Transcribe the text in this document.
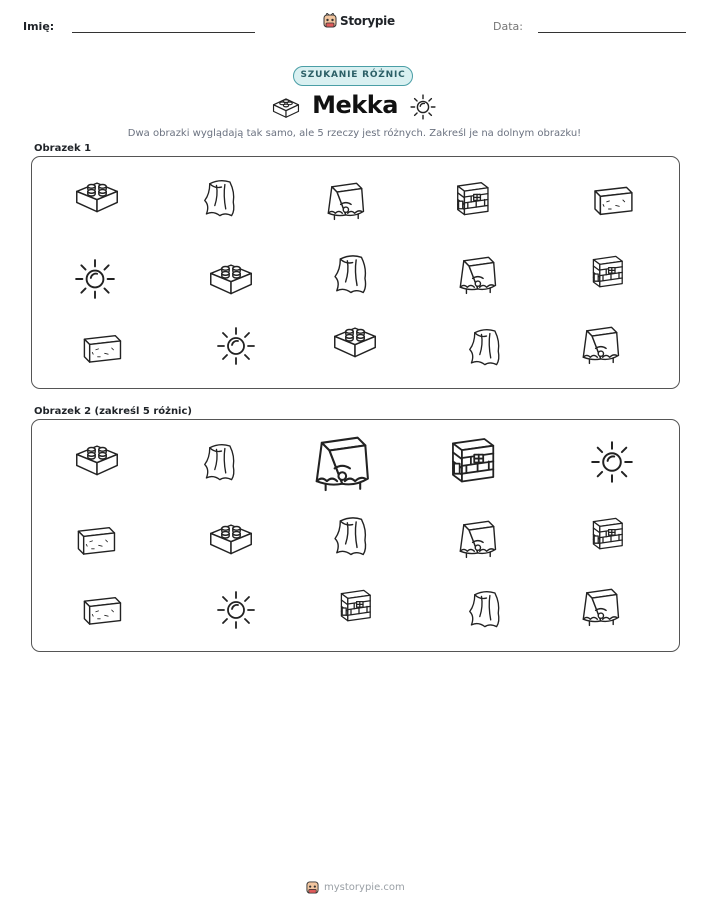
Imię:	Storypie	Data:
SZUKANIE RÓŻNIC
Mekka
Dwa obrazki wyglądają tak samo, ale 5 rzeczy jest różnych. Zakreśl je na dolnym obrazku!
Obrazek 1
Obrazek 2 (zakreśl 5 różnic)
mystorypie.com
